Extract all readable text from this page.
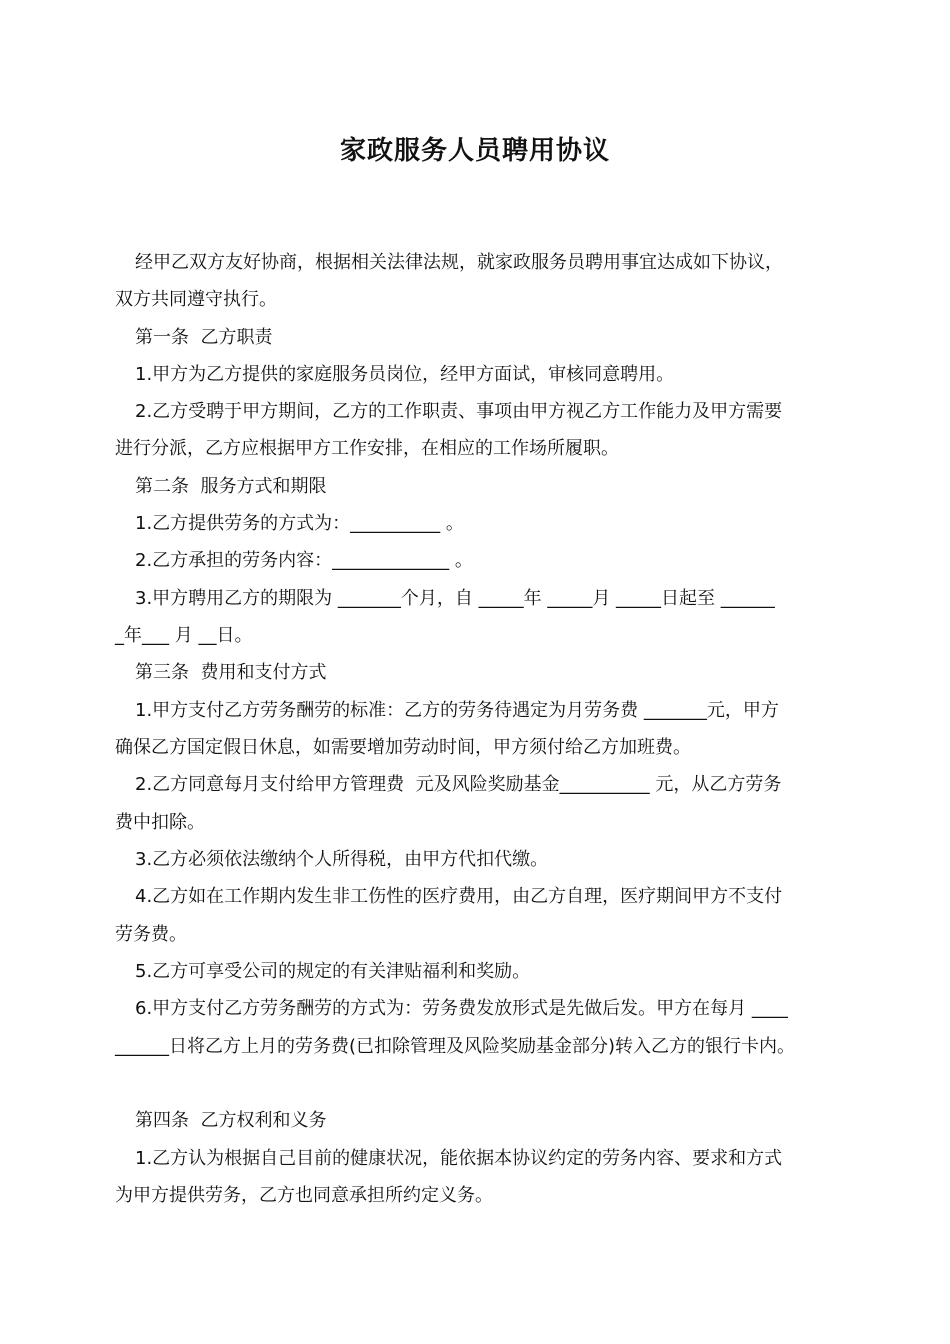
家政服务人员聘用协议

经甲乙双方友好协商，根据相关法律法规，就家政服务员聘用事宜达成如下协议，

双方共同遵守执行。

第一条  乙方职责

1.甲方为乙方提供的家庭服务员岗位，经甲方面试，审核同意聘用。

2.乙方受聘于甲方期间，乙方的工作职责、事项由甲方视乙方工作能力及甲方需要

进行分派，乙方应根据甲方工作安排，在相应的工作场所履职。

第二条  服务方式和期限

1.乙方提供劳务的方式为：__________ 。

2.乙方承担的劳务内容：_____________ 。

3.甲方聘用乙方的期限为 _______个月，自 _____年 _____月 _____日起至 ______

_年___ 月 __日。

第三条  费用和支付方式

1.甲方支付乙方劳务酬劳的标准：乙方的劳务待遇定为月劳务费 _______元，甲方

确保乙方国定假日休息，如需要增加劳动时间，甲方须付给乙方加班费。

2.乙方同意每月支付给甲方管理费  元及风险奖励基金__________ 元，从乙方劳务

费中扣除。

3.乙方必须依法缴纳个人所得税，由甲方代扣代缴。

4.乙方如在工作期内发生非工伤性的医疗费用，由乙方自理，医疗期间甲方不支付

劳务费。

5.乙方可享受公司的规定的有关津贴福利和奖励。

6.甲方支付乙方劳务酬劳的方式为：劳务费发放形式是先做后发。甲方在每月 ____

______日将乙方上月的劳务费(已扣除管理及风险奖励基金部分)转入乙方的银行卡内。

第四条  乙方权利和义务

1.乙方认为根据自己目前的健康状况，能依据本协议约定的劳务内容、要求和方式

为甲方提供劳务，乙方也同意承担所约定义务。
